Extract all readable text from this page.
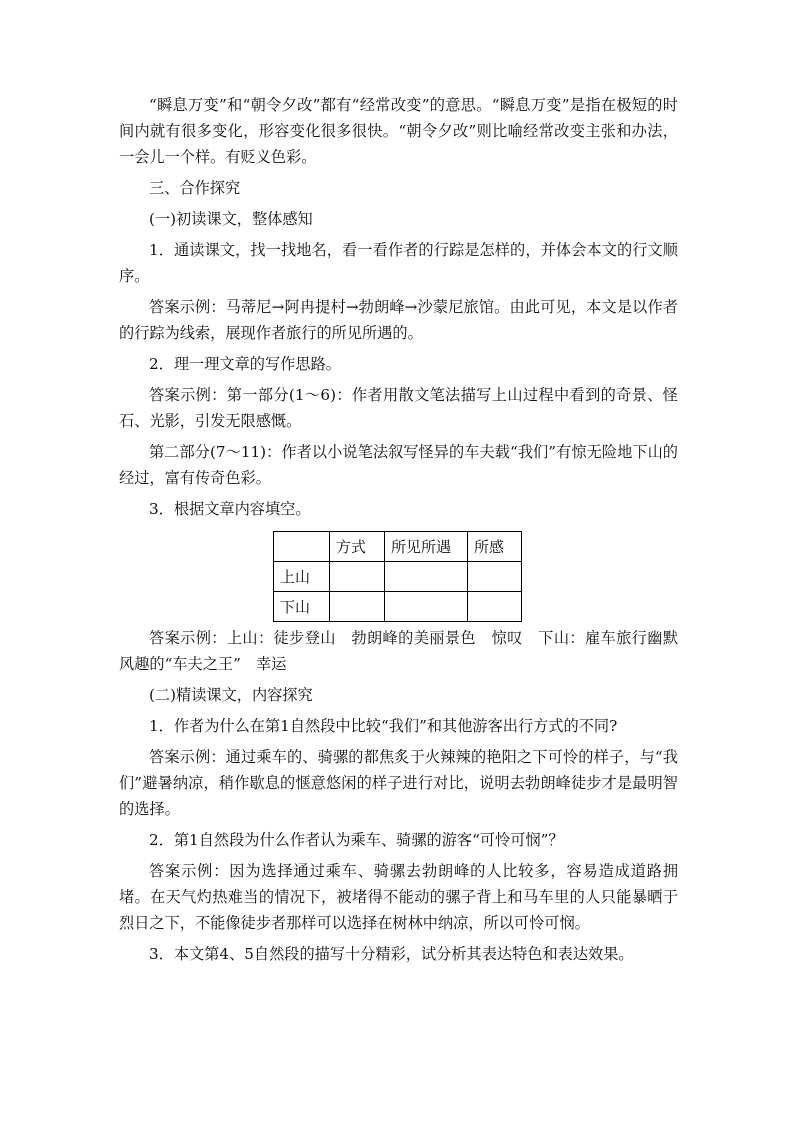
“瞬息万变”和“朝令夕改”都有“经常改变”的意思。“瞬息万变”是指在极短的时间内就有很多变化，形容变化很多很快。“朝令夕改”则比喻经常改变主张和办法，一会儿一个样。有贬义色彩。

三、合作探究

(一)初读课文，整体感知

1．通读课文，找一找地名，看一看作者的行踪是怎样的，并体会本文的行文顺序。

答案示例：马蒂尼→阿冉提村→勃朗峰→沙蒙尼旅馆。由此可见，本文是以作者的行踪为线索，展现作者旅行的所见所遇的。

2．理一理文章的写作思路。

答案示例：第一部分(1～6)：作者用散文笔法描写上山过程中看到的奇景、怪石、光影，引发无限感慨。

第二部分(7～11)：作者以小说笔法叙写怪异的车夫载“我们”有惊无险地下山的经过，富有传奇色彩。

3．根据文章内容填空。

	方式	所见所遇	所感
上山			
下山			

答案示例：上山：徒步登山　勃朗峰的美丽景色　惊叹　下山：雇车旅行幽默风趣的“车夫之王”　幸运

(二)精读课文，内容探究

1．作者为什么在第1自然段中比较“我们”和其他游客出行方式的不同?

答案示例：通过乘车的、骑骡的都焦炙于火辣辣的艳阳之下可怜的样子，与“我们”避暑纳凉，稍作歇息的惬意悠闲的样子进行对比，说明去勃朗峰徒步才是最明智的选择。

2．第1自然段为什么作者认为乘车、骑骡的游客“可怜可悯”？

答案示例：因为选择通过乘车、骑骡去勃朗峰的人比较多，容易造成道路拥堵。在天气灼热难当的情况下，被堵得不能动的骡子背上和马车里的人只能暴晒于烈日之下，不能像徒步者那样可以选择在树林中纳凉，所以可怜可悯。

3．本文第4、5自然段的描写十分精彩，试分析其表达特色和表达效果。
